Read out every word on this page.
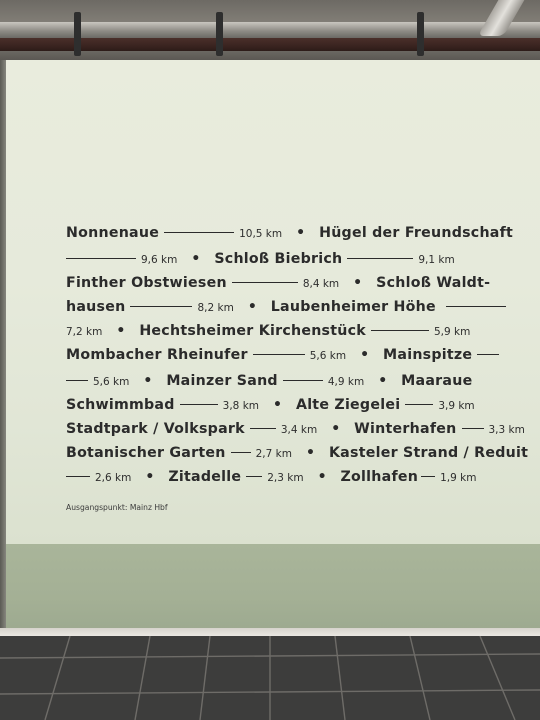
Nonnenaue	10,5 km • Hügel der Freundschaft
9,6 km • Schloß Biebrich	9,1 km
Finther Obstwiesen	8,4 km • Schloß Waldt-
hausen	8,2 km • Laubenheimer Höhe
7,2 km • Hechtsheimer Kirchenstück	5,9 km
Mombacher Rheinufer	5,6 km • Mainspitze
5,6 km • Mainzer Sand	4,9 km • Maaraue
Schwimmbad	3,8 km • Alte Ziegelei	3,9 km
Stadtpark / Volkspark	3,4 km • Winterhafen	3,3 km
Botanischer Garten	2,7 km • Kasteler Strand / Reduit
2,6 km • Zitadelle 2,3 km • Zollhafen 1,9 km
Ausgangspunkt: Mainz Hbf
